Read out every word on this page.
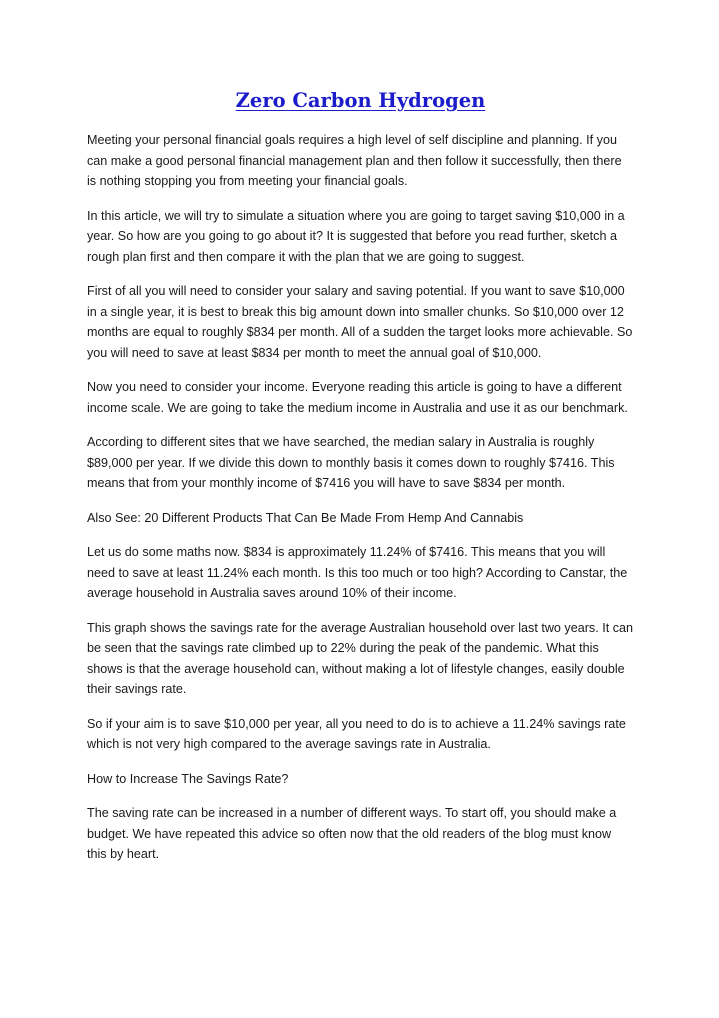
Zero Carbon Hydrogen

Meeting your personal financial goals requires a high level of self discipline and planning. If you can make a good personal financial management plan and then follow it successfully, then there is nothing stopping you from meeting your financial goals.

In this article, we will try to simulate a situation where you are going to target saving $10,000 in a year. So how are you going to go about it? It is suggested that before you read further, sketch a rough plan first and then compare it with the plan that we are going to suggest.

First of all you will need to consider your salary and saving potential. If you want to save $10,000 in a single year, it is best to break this big amount down into smaller chunks. So $10,000 over 12 months are equal to roughly $834 per month. All of a sudden the target looks more achievable. So you will need to save at least $834 per month to meet the annual goal of $10,000.

Now you need to consider your income. Everyone reading this article is going to have a different income scale. We are going to take the medium income in Australia and use it as our benchmark.

According to different sites that we have searched, the median salary in Australia is roughly $89,000 per year. If we divide this down to monthly basis it comes down to roughly $7416. This means that from your monthly income of $7416 you will have to save $834 per month.

Also See: 20 Different Products That Can Be Made From Hemp And Cannabis

Let us do some maths now. $834 is approximately 11.24% of $7416. This means that you will need to save at least 11.24% each month. Is this too much or too high? According to Canstar, the average household in Australia saves around 10% of their income.

This graph shows the savings rate for the average Australian household over last two years. It can be seen that the savings rate climbed up to 22% during the peak of the pandemic. What this shows is that the average household can, without making a lot of lifestyle changes, easily double their savings rate.

So if your aim is to save $10,000 per year, all you need to do is to achieve a 11.24% savings rate which is not very high compared to the average savings rate in Australia.

How to Increase The Savings Rate?

The saving rate can be increased in a number of different ways. To start off, you should make a budget. We have repeated this advice so often now that the old readers of the blog must know this by heart.
